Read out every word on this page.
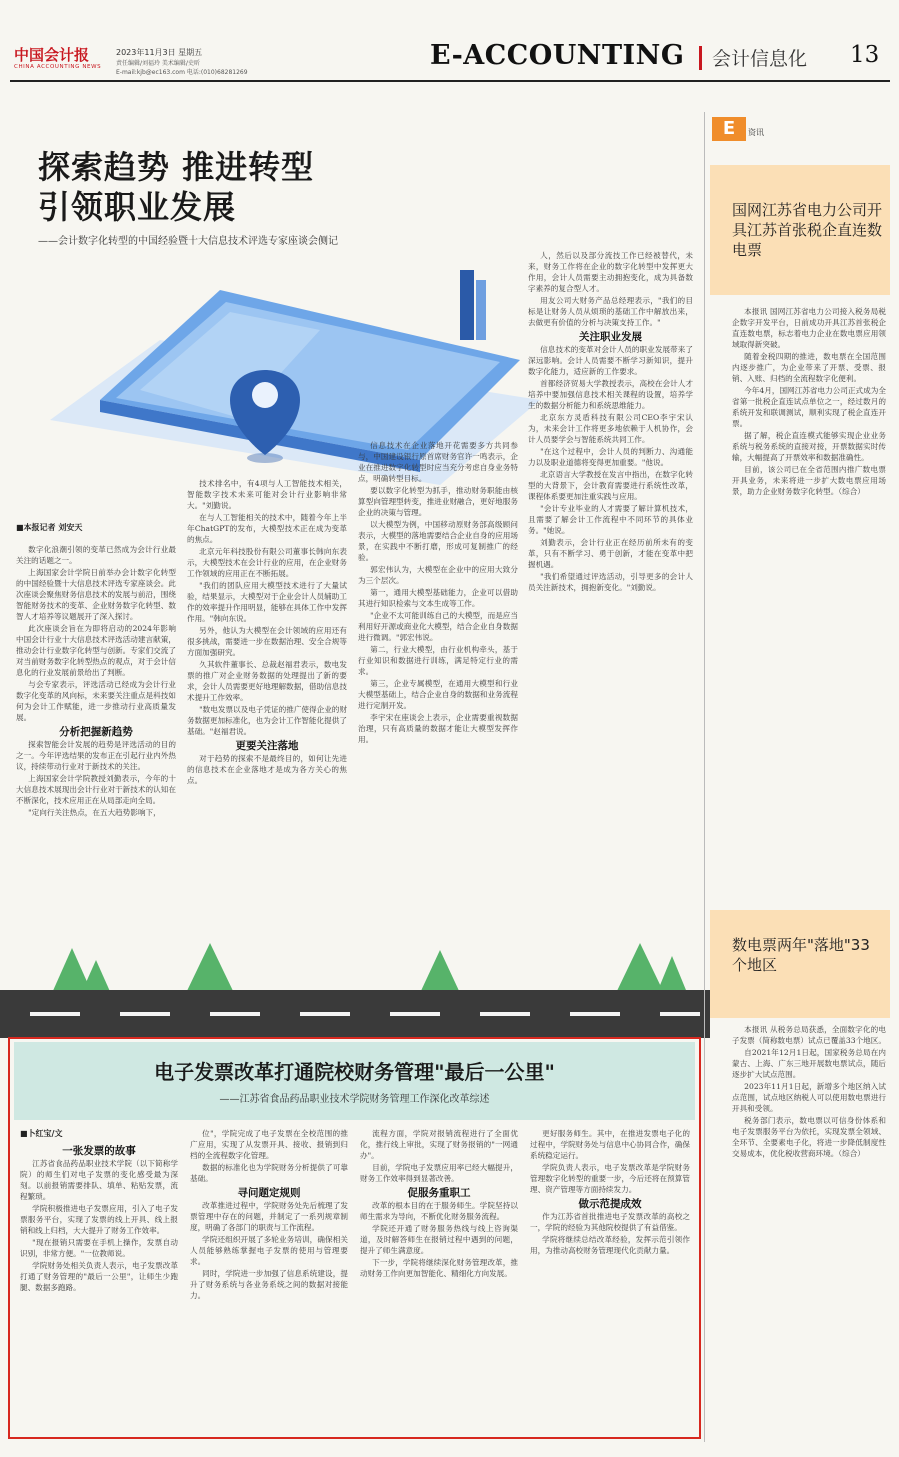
中国会计报
CHINA ACCOUNTING NEWS
2023年11月3日 星期五
责任编辑/刘福玲 美术编辑/史昕
E-mail:kjb@ec163.com 电话:(010)68281269
E-ACCOUNTING 会计信息化 13
探索趋势 推进转型
引领职业发展
——会计数字化转型的中国经验暨十大信息技术评选专家座谈会侧记
■本报记者 刘安天

数字化浪潮引领的变革已然成为会计行业最关注的话题之一。

上海国家会计学院日前举办会计数字化转型的中国经验暨十大信息技术评选专家座谈会。此次座谈会聚焦财务信息技术的发展与前沿，围绕智能财务技术的变革、企业财务数字化转型、数智人才培养等议题展开了深入探讨。

此次座谈会旨在为即将启动的2024年影响中国会计行业十大信息技术评选活动建言献策，推动会计行业数字化转型与创新。专家们交流了对当前财务数字化转型热点的观点，对于会计信息化的行业发展前景给出了判断。

与会专家表示，评选活动已经成为会计行业数字化变革的风向标，未来要关注重点是科技如何为会计工作赋能，进一步推动行业高质量发展。

分析把握新趋势

探索智能会计发展的趋势是评选活动的目的之一。今年评选结果的发布正在引起行业内外热议，持续带动行业对于新技术的关注。

上海国家会计学院教授刘勤表示，今年的十大信息技术展现出会计行业对于新技术的认知在不断深化，技术应用正在从局部走向全局。

"定向行关注热点，在五大趋势影响下，

技术排名中，有4项与人工智能技术相关，智能数字技术未来可能对会计行业影响非常大。"刘勤说。

在与人工智能相关的技术中，随着今年上半年ChatGPT的发布，大模型技术正在成为变革的焦点。

北京元年科技股份有限公司董事长韩向东表示，大模型技术在会计行业的应用，在企业财务工作领域的应用正在不断拓展。

"我们的团队应用大模型技术进行了大量试验，结果显示，大模型对于企业会计人员辅助工作的效率提升作用明显，能够在具体工作中发挥作用。"韩向东说。

另外，他认为大模型在会计领域的应用还有很多挑战，需要进一步在数据治理、安全合规等方面加强研究。

久其软件董事长、总裁赵福君表示，数电发票的推广对企业财务数据的处理提出了新的要求，会计人员需要更好地理解数据，借助信息技术提升工作效率。

"数电发票以及电子凭证的推广使得企业的财务数据更加标准化，也为会计工作智能化提供了基础。"赵福君说。

更要关注落地

对于趋势的探索不是最终目的，如何让先进的信息技术在企业落地才是成为各方关心的焦点。

信息技术在企业落地开花需要多方共同参与，中国建设银行原首席财务官许一鸣表示，企业在推进数字化转型时应当充分考虑自身业务特点，明确转型目标。

要以数字化转型为抓手，推动财务职能由核算型向管理型转变，推进业财融合，更好地服务企业的决策与管理。

以大模型为例，中国移动原财务部高级顾问表示，大模型的落地需要结合企业自身的应用场景，在实践中不断打磨，形成可复制推广的经验。

郭宏伟认为，大模型在企业中的应用大致分为三个层次。

第一，通用大模型基础能力，企业可以借助其进行知识检索与文本生成等工作。

"企业不太可能训练自己的大模型，而是应当利用好开源或商业化大模型，结合企业自身数据进行微调。"郭宏伟说。

第二，行业大模型，由行业机构牵头，基于行业知识和数据进行训练，满足特定行业的需求。

第三，企业专属模型，在通用大模型和行业大模型基础上，结合企业自身的数据和业务流程进行定制开发。

李宇宋在座谈会上表示，企业需要重视数据治理，只有高质量的数据才能让大模型发挥作用。

人，然后以及部分流技工作已经被替代，未来，财务工作将在企业的数字化转型中发挥更大作用，会计人员需要主动拥抱变化，成为具备数字素养的复合型人才。

用友公司大财务产品总经理表示，"我们的目标是让财务人员从烦琐的基础工作中解放出来，去做更有价值的分析与决策支持工作。"

关注职业发展

信息技术的变革对会计人员的职业发展带来了深远影响。会计人员需要不断学习新知识，提升数字化能力，适应新的工作要求。

首都经济贸易大学教授表示，高校在会计人才培养中要加强信息技术相关课程的设置，培养学生的数据分析能力和系统思维能力。

北京东方灵盾科技有限公司CEO李宇宋认为，未来会计工作将更多地依赖于人机协作，会计人员要学会与智能系统共同工作。

"在这个过程中，会计人员的判断力、沟通能力以及职业道德将变得更加重要。"他说。

北京语言大学教授在发言中指出，在数字化转型的大背景下，会计教育需要进行系统性改革，课程体系要更加注重实践与应用。

"会计专业毕业的人才需要了解计算机技术，且需要了解会计工作流程中不同环节的具体业务。"她说。

刘勤表示，会计行业正在经历前所未有的变革，只有不断学习、勇于创新，才能在变革中把握机遇。

"我们希望通过评选活动，引导更多的会计人员关注新技术，拥抱新变化。"刘勤说。

电子发票改革打通院校财务管理"最后一公里"
——江苏省食品药品职业技术学院财务管理工作深化改革综述
■卜红宝/文

一张发票的故事

江苏省食品药品职业技术学院（以下简称学院）的师生们对电子发票的变化感受最为深刻。以前报销需要排队、填单、粘贴发票，流程繁琐。

学院积极推进电子发票应用，引入了电子发票服务平台，实现了发票的线上开具、线上报销和线上归档，大大提升了财务工作效率。

"现在报销只需要在手机上操作，发票自动识别，非常方便。"一位教师说。

学院财务处相关负责人表示，电子发票改革打通了财务管理的"最后一公里"，让师生少跑腿、数据多跑路。

位"，学院完成了电子发票在全校范围的推广应用，实现了从发票开具、接收、报销到归档的全流程数字化管理。

数据的标准化也为学院财务分析提供了可靠基础。

寻问题定规则

改革推进过程中，学院财务处先后梳理了发票管理中存在的问题，并制定了一系列规章制度，明确了各部门的职责与工作流程。

学院还组织开展了多轮业务培训，确保相关人员能够熟练掌握电子发票的使用与管理要求。

同时，学院进一步加强了信息系统建设，提升了财务系统与各业务系统之间的数据对接能力。

流程方面，学院对报销流程进行了全面优化，推行线上审批，实现了财务报销的"一网通办"。

目前，学院电子发票应用率已经大幅提升，财务工作效率得到显著改善。

促服务重职工

改革的根本目的在于服务师生。学院坚持以师生需求为导向，不断优化财务服务流程。

学院还开通了财务服务热线与线上咨询渠道，及时解答师生在报销过程中遇到的问题，提升了师生满意度。

下一步，学院将继续深化财务管理改革，推动财务工作向更加智能化、精细化方向发展。

更好服务师生。其中，在推进发票电子化的过程中，学院财务处与信息中心协同合作，确保系统稳定运行。

学院负责人表示，电子发票改革是学院财务管理数字化转型的重要一步，今后还将在预算管理、资产管理等方面持续发力。

做示范提成效

作为江苏省首批推进电子发票改革的高校之一，学院的经验为其他院校提供了有益借鉴。

学院将继续总结改革经验，发挥示范引领作用，为推动高校财务管理现代化贡献力量。

E	资讯
国网江苏省电力公司开具江苏首张税企直连数电票

本报讯 国网江苏省电力公司接入税务局税企数字开发平台，日前成功开具江苏首张税企直连数电票，标志着电力企业在数电票应用领域取得新突破。

随着金税四期的推进，数电票在全国范围内逐步推广，为企业带来了开票、受票、报销、入账、归档的全流程数字化便利。

今年4月，国网江苏省电力公司正式成为全省第一批税企直连试点单位之一，经过数月的系统开发和联调测试，顺利实现了税企直连开票。

据了解，税企直连模式能够实现企业业务系统与税务系统的直接对接，开票数据实时传输，大幅提高了开票效率和数据准确性。

目前，该公司已在全省范围内推广数电票开具业务，未来将进一步扩大数电票应用场景，助力企业财务数字化转型。（综合）

数电票两年"落地"33个地区

本报讯 从税务总局获悉，全面数字化的电子发票（简称数电票）试点已覆盖33个地区。

自2021年12月1日起，国家税务总局在内蒙古、上海、广东三地开展数电票试点，随后逐步扩大试点范围。

2023年11月1日起，新增多个地区纳入试点范围，试点地区纳税人可以使用数电票进行开具和受领。

税务部门表示，数电票以可信身份体系和电子发票服务平台为依托，实现发票全领域、全环节、全要素电子化，将进一步降低制度性交易成本，优化税收营商环境。（综合）
